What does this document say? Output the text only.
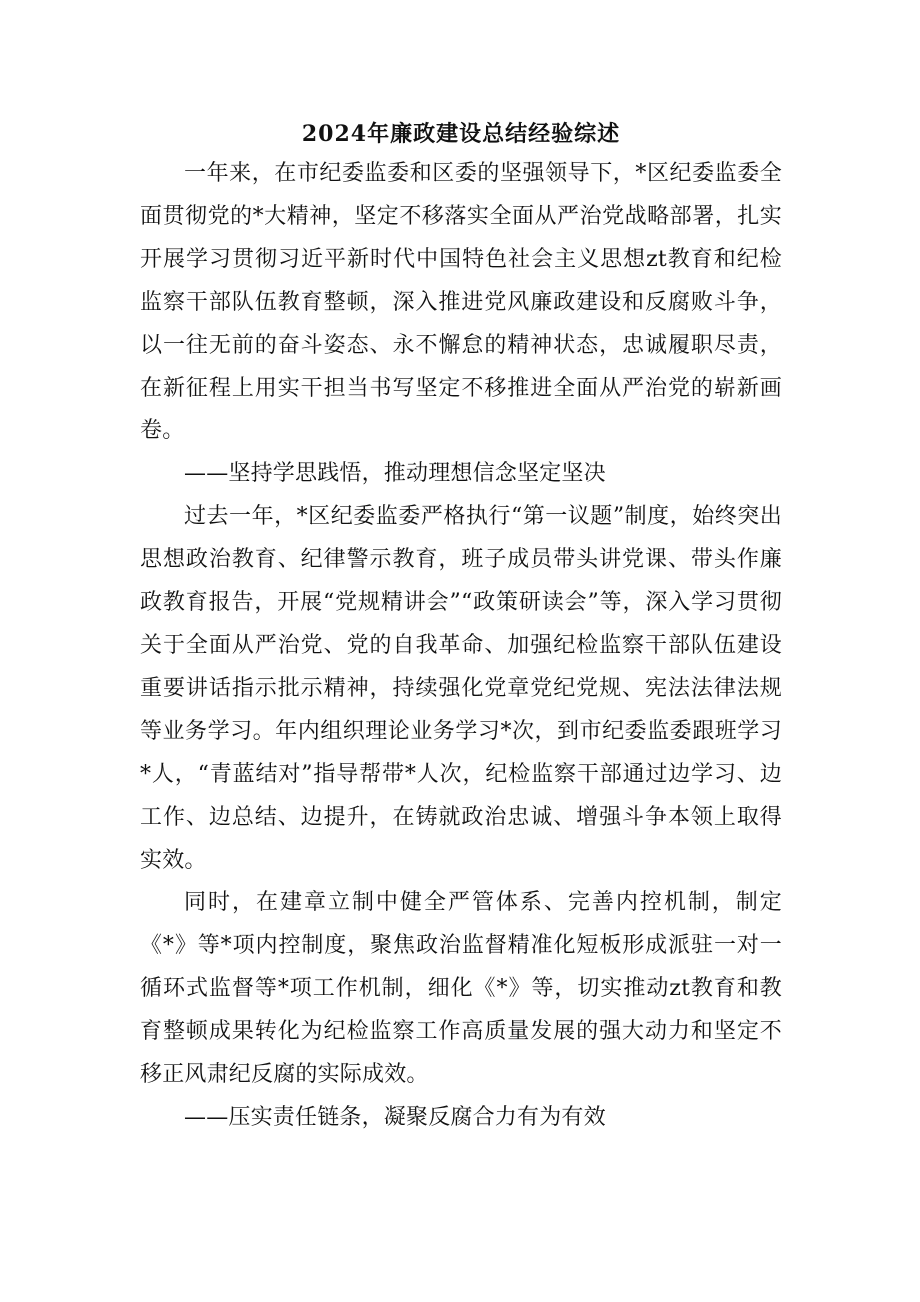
2024年廉政建设总结经验综述

一年来，在市纪委监委和区委的坚强领导下，*区纪委监委全面贯彻党的*大精神，坚定不移落实全面从严治党战略部署，扎实开展学习贯彻习近平新时代中国特色社会主义思想zt教育和纪检监察干部队伍教育整顿，深入推进党风廉政建设和反腐败斗争，以一往无前的奋斗姿态、永不懈怠的精神状态，忠诚履职尽责，在新征程上用实干担当书写坚定不移推进全面从严治党的崭新画卷。

——坚持学思践悟，推动理想信念坚定坚决

过去一年，*区纪委监委严格执行“第一议题”制度，始终突出思想政治教育、纪律警示教育，班子成员带头讲党课、带头作廉政教育报告，开展“党规精讲会”“政策研读会”等，深入学习贯彻关于全面从严治党、党的自我革命、加强纪检监察干部队伍建设重要讲话指示批示精神，持续强化党章党纪党规、宪法法律法规等业务学习。年内组织理论业务学习*次，到市纪委监委跟班学习*人，“青蓝结对”指导帮带*人次，纪检监察干部通过边学习、边工作、边总结、边提升，在铸就政治忠诚、增强斗争本领上取得实效。

同时，在建章立制中健全严管体系、完善内控机制，制定《*》等*项内控制度，聚焦政治监督精准化短板形成派驻一对一循环式监督等*项工作机制，细化《*》等，切实推动zt教育和教育整顿成果转化为纪检监察工作高质量发展的强大动力和坚定不移正风肃纪反腐的实际成效。

——压实责任链条，凝聚反腐合力有为有效
